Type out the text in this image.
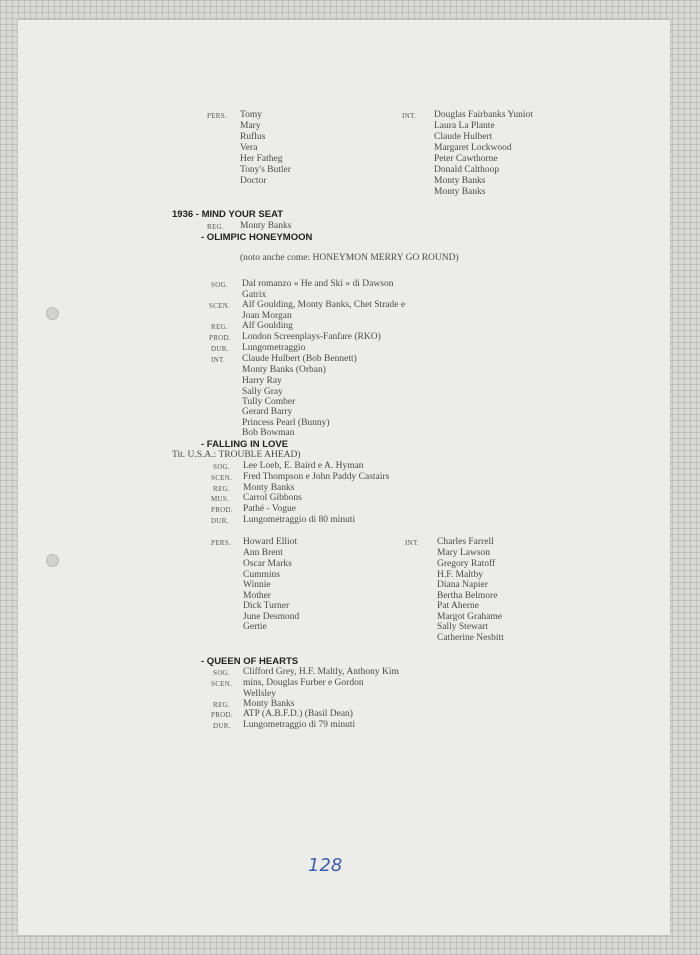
PERS. Tomy
Mary
Ruflus
Vera
Her Fatheg
Tony's Butler
Doctor
INT. Douglas Fairbanks Yuniot
Laura La Plante
Claude Hulbert
Margaret Lockwood
Peter Cawthorne
Donald Calthoop
Monty Banks
Monty Banks
1936 - MIND YOUR SEAT
REG. Monty Banks
- OLIMPIC HONEYMOON
(noto anche come: HONEYMON MERRY GO ROUND)
SOG. Dal romanzo « He and Ski » di Dawson
Gatrix
SCEN. Alf Goulding, Monty Banks, Chet Strade e
Joan Morgan
REG. Alf Goulding
PROD. London Screenplays-Fanfare (RKO)
DUR. Lungometraggio
INT. Claude Hulbert (Bob Bennett)
Monty Banks (Orban)
Harry Ray
Sally Gray
Tully Comber
Gerard Barry
Princess Pearl (Bunny)
Bob Bowman
- FALLING IN LOVE
Tit. U.S.A.: TROUBLE AHEAD)
SOG. Lee Loeb, E. Baird e A. Hyman
SCEN. Fred Thompson e John Paddy Castairs
REG. Monty Banks
MUS. Carrol Gibbons
PROD. Pathé - Vogue
DUR. Lungometraggio di 80 minuti
PERS. Howard Elliot
Ann Brent
Oscar Marks
Cummins
Winnie
Mother
Dick Turner
June Desmond
Gertie
INT. Charles Farrell
Mary Lawson
Gregory Ratoff
H.F. Maltby
Diana Napier
Bertha Belmore
Pat Aherne
Margot Grahame
Sally Stewart
Catherine Nesbitt
- QUEEN OF HEARTS
SOG. Clifford Grey, H.F. Maltly, Anthony Kim
SCEN. mins, Douglas Furber e Gordon
Wellsley
REG. Monty Banks
PROD. ATP (A.B.F.D.) (Basil Dean)
DUR. Lungometraggio di 79 minuti
128
